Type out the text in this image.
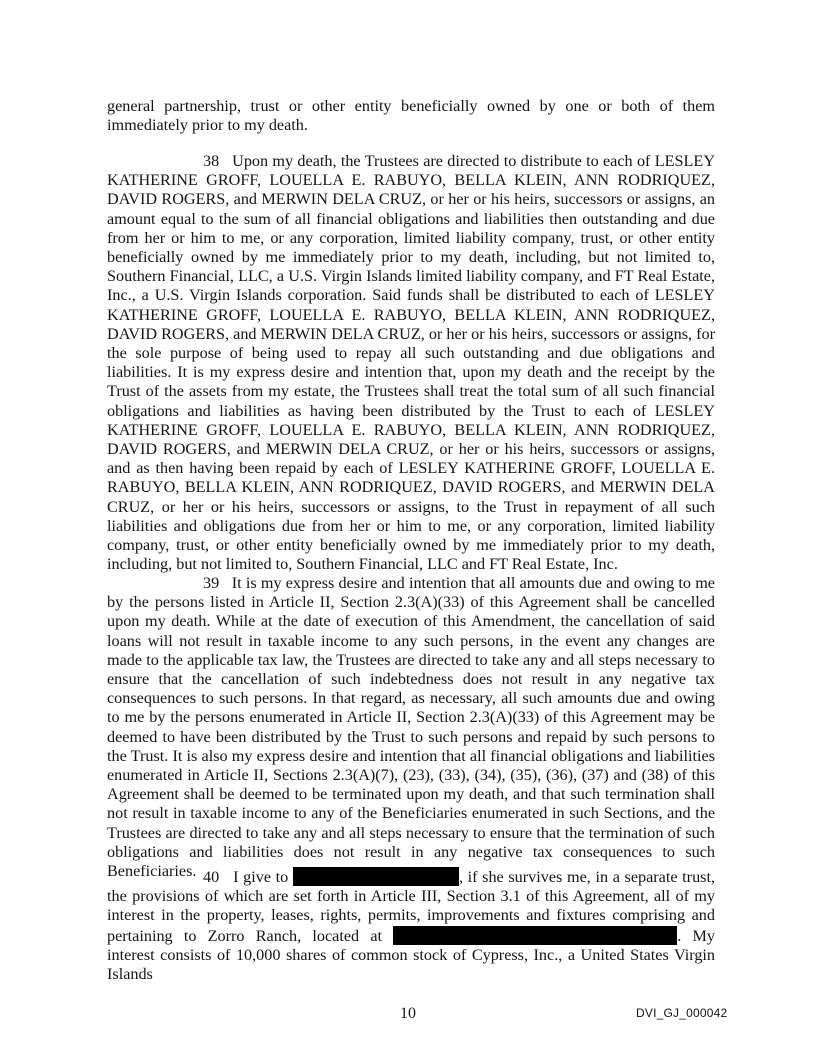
general partnership, trust or other entity beneficially owned by one or both of them immediately prior to my death.
38 Upon my death, the Trustees are directed to distribute to each of LESLEY KATHERINE GROFF, LOUELLA E. RABUYO, BELLA KLEIN, ANN RODRIQUEZ, DAVID ROGERS, and MERWIN DELA CRUZ, or her or his heirs, successors or assigns, an amount equal to the sum of all financial obligations and liabilities then outstanding and due from her or him to me, or any corporation, limited liability company, trust, or other entity beneficially owned by me immediately prior to my death, including, but not limited to, Southern Financial, LLC, a U.S. Virgin Islands limited liability company, and FT Real Estate, Inc., a U.S. Virgin Islands corporation. Said funds shall be distributed to each of LESLEY KATHERINE GROFF, LOUELLA E. RABUYO, BELLA KLEIN, ANN RODRIQUEZ, DAVID ROGERS, and MERWIN DELA CRUZ, or her or his heirs, successors or assigns, for the sole purpose of being used to repay all such outstanding and due obligations and liabilities. It is my express desire and intention that, upon my death and the receipt by the Trust of the assets from my estate, the Trustees shall treat the total sum of all such financial obligations and liabilities as having been distributed by the Trust to each of LESLEY KATHERINE GROFF, LOUELLA E. RABUYO, BELLA KLEIN, ANN RODRIQUEZ, DAVID ROGERS, and MERWIN DELA CRUZ, or her or his heirs, successors or assigns, and as then having been repaid by each of LESLEY KATHERINE GROFF, LOUELLA E. RABUYO, BELLA KLEIN, ANN RODRIQUEZ, DAVID ROGERS, and MERWIN DELA CRUZ, or her or his heirs, successors or assigns, to the Trust in repayment of all such liabilities and obligations due from her or him to me, or any corporation, limited liability company, trust, or other entity beneficially owned by me immediately prior to my death, including, but not limited to, Southern Financial, LLC and FT Real Estate, Inc.
39 It is my express desire and intention that all amounts due and owing to me by the persons listed in Article II, Section 2.3(A)(33) of this Agreement shall be cancelled upon my death. While at the date of execution of this Amendment, the cancellation of said loans will not result in taxable income to any such persons, in the event any changes are made to the applicable tax law, the Trustees are directed to take any and all steps necessary to ensure that the cancellation of such indebtedness does not result in any negative tax consequences to such persons. In that regard, as necessary, all such amounts due and owing to me by the persons enumerated in Article II, Section 2.3(A)(33) of this Agreement may be deemed to have been distributed by the Trust to such persons and repaid by such persons to the Trust. It is also my express desire and intention that all financial obligations and liabilities enumerated in Article II, Sections 2.3(A)(7), (23), (33), (34), (35), (36), (37) and (38) of this Agreement shall be deemed to be terminated upon my death, and that such termination shall not result in taxable income to any of the Beneficiaries enumerated in such Sections, and the Trustees are directed to take any and all steps necessary to ensure that the termination of such obligations and liabilities does not result in any negative tax consequences to such Beneficiaries. 40 I give to	, if she survives me, in a separate trust, the provisions of which are set forth in Article III, Section 3.1 of this Agreement, all of my interest in the property, leases, rights, permits, improvements and fixtures comprising and pertaining to Zorro Ranch, located at	. My interest consists of 10,000 shares of common stock of Cypress, Inc., a United States Virgin Islands
10	DVI_GJ_000042
